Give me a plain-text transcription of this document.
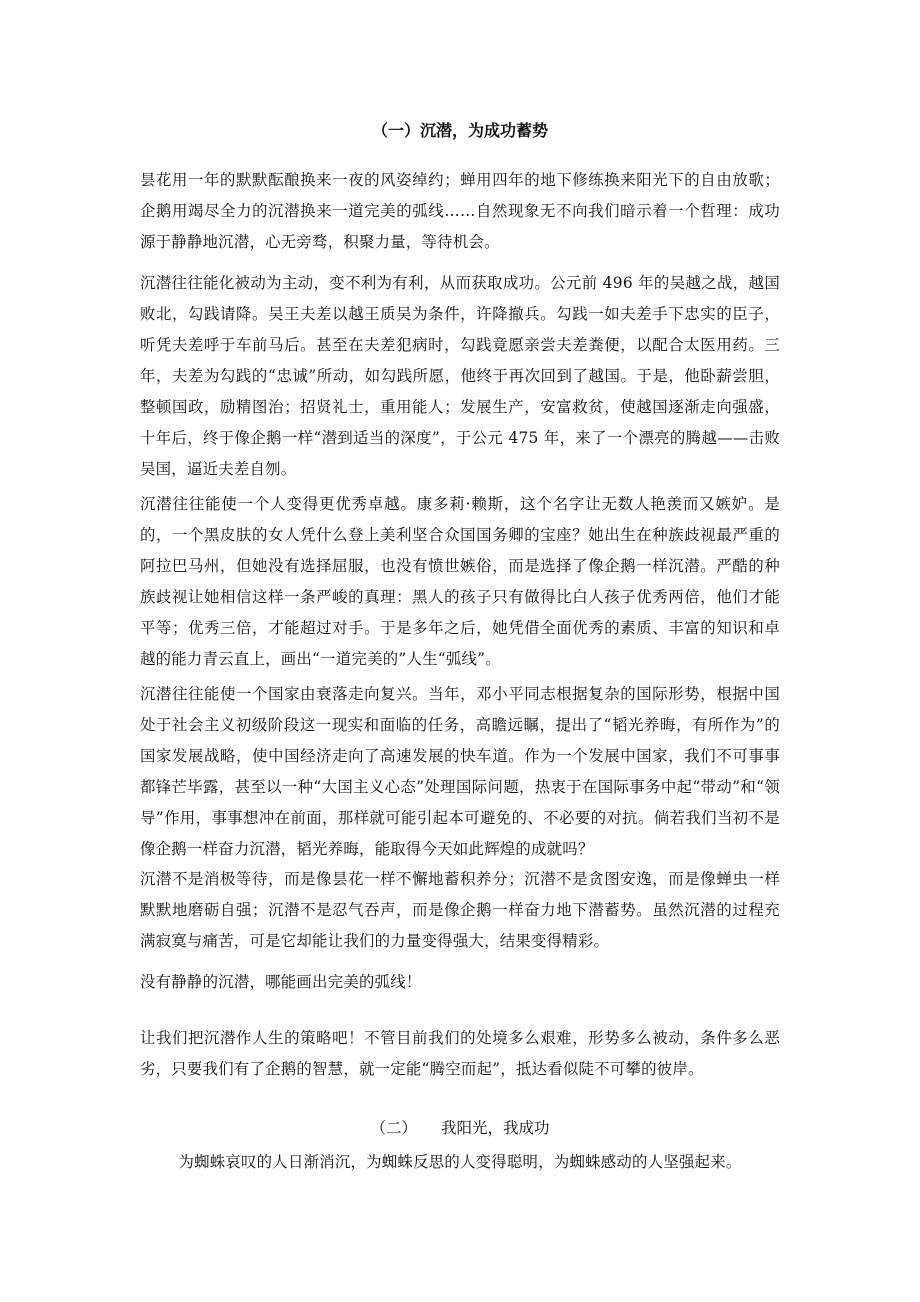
（一）沉潜，为成功蓄势

昙花用一年的默默酝酿换来一夜的风姿绰约；蝉用四年的地下修练换来阳光下的自由放歌；企鹅用竭尽全力的沉潜换来一道完美的弧线……自然现象无不向我们暗示着一个哲理：成功源于静静地沉潜，心无旁骛，积聚力量，等待机会。

沉潜往往能化被动为主动，变不利为有利，从而获取成功。公元前 496 年的吴越之战，越国败北，勾践请降。吴王夫差以越王质吴为条件，许降撤兵。勾践一如夫差手下忠实的臣子，听凭夫差呼于车前马后。甚至在夫差犯病时，勾践竟愿亲尝夫差粪便，以配合太医用药。三年，夫差为勾践的“忠诚”所动，如勾践所愿，他终于再次回到了越国。于是，他卧薪尝胆，整顿国政，励精图治；招贤礼士，重用能人；发展生产，安富救贫，使越国逐渐走向强盛，十年后，终于像企鹅一样“潜到适当的深度”，于公元 475 年，来了一个漂亮的腾越——击败吴国，逼近夫差自刎。

沉潜往往能使一个人变得更优秀卓越。康多莉·赖斯，这个名字让无数人艳羡而又嫉妒。是的，一个黑皮肤的女人凭什么登上美利坚合众国国务卿的宝座？她出生在种族歧视最严重的阿拉巴马州，但她没有选择屈服，也没有愤世嫉俗，而是选择了像企鹅一样沉潜。严酷的种族歧视让她相信这样一条严峻的真理：黑人的孩子只有做得比白人孩子优秀两倍，他们才能平等；优秀三倍，才能超过对手。于是多年之后，她凭借全面优秀的素质、丰富的知识和卓越的能力青云直上，画出“一道完美的”人生“弧线”。

沉潜往往能使一个国家由衰落走向复兴。当年，邓小平同志根据复杂的国际形势，根据中国处于社会主义初级阶段这一现实和面临的任务，高瞻远瞩，提出了“韬光养晦，有所作为”的国家发展战略，使中国经济走向了高速发展的快车道。作为一个发展中国家，我们不可事事都锋芒毕露，甚至以一种“大国主义心态”处理国际问题，热衷于在国际事务中起“带动”和“领导”作用，事事想冲在前面，那样就可能引起本可避免的、不必要的对抗。倘若我们当初不是像企鹅一样奋力沉潜，韬光养晦，能取得今天如此辉煌的成就吗？

沉潜不是消极等待，而是像昙花一样不懈地蓄积养分；沉潜不是贪图安逸，而是像蝉虫一样默默地磨砺自强；沉潜不是忍气吞声，而是像企鹅一样奋力地下潜蓄势。虽然沉潜的过程充满寂寞与痛苦，可是它却能让我们的力量变得强大，结果变得精彩。

没有静静的沉潜，哪能画出完美的弧线！

让我们把沉潜作人生的策略吧！不管目前我们的处境多么艰难，形势多么被动，条件多么恶劣，只要我们有了企鹅的智慧，就一定能“腾空而起”，抵达看似陡不可攀的彼岸。

（二） 我阳光，我成功

为蜘蛛哀叹的人日渐消沉，为蜘蛛反思的人变得聪明，为蜘蛛感动的人坚强起来。
